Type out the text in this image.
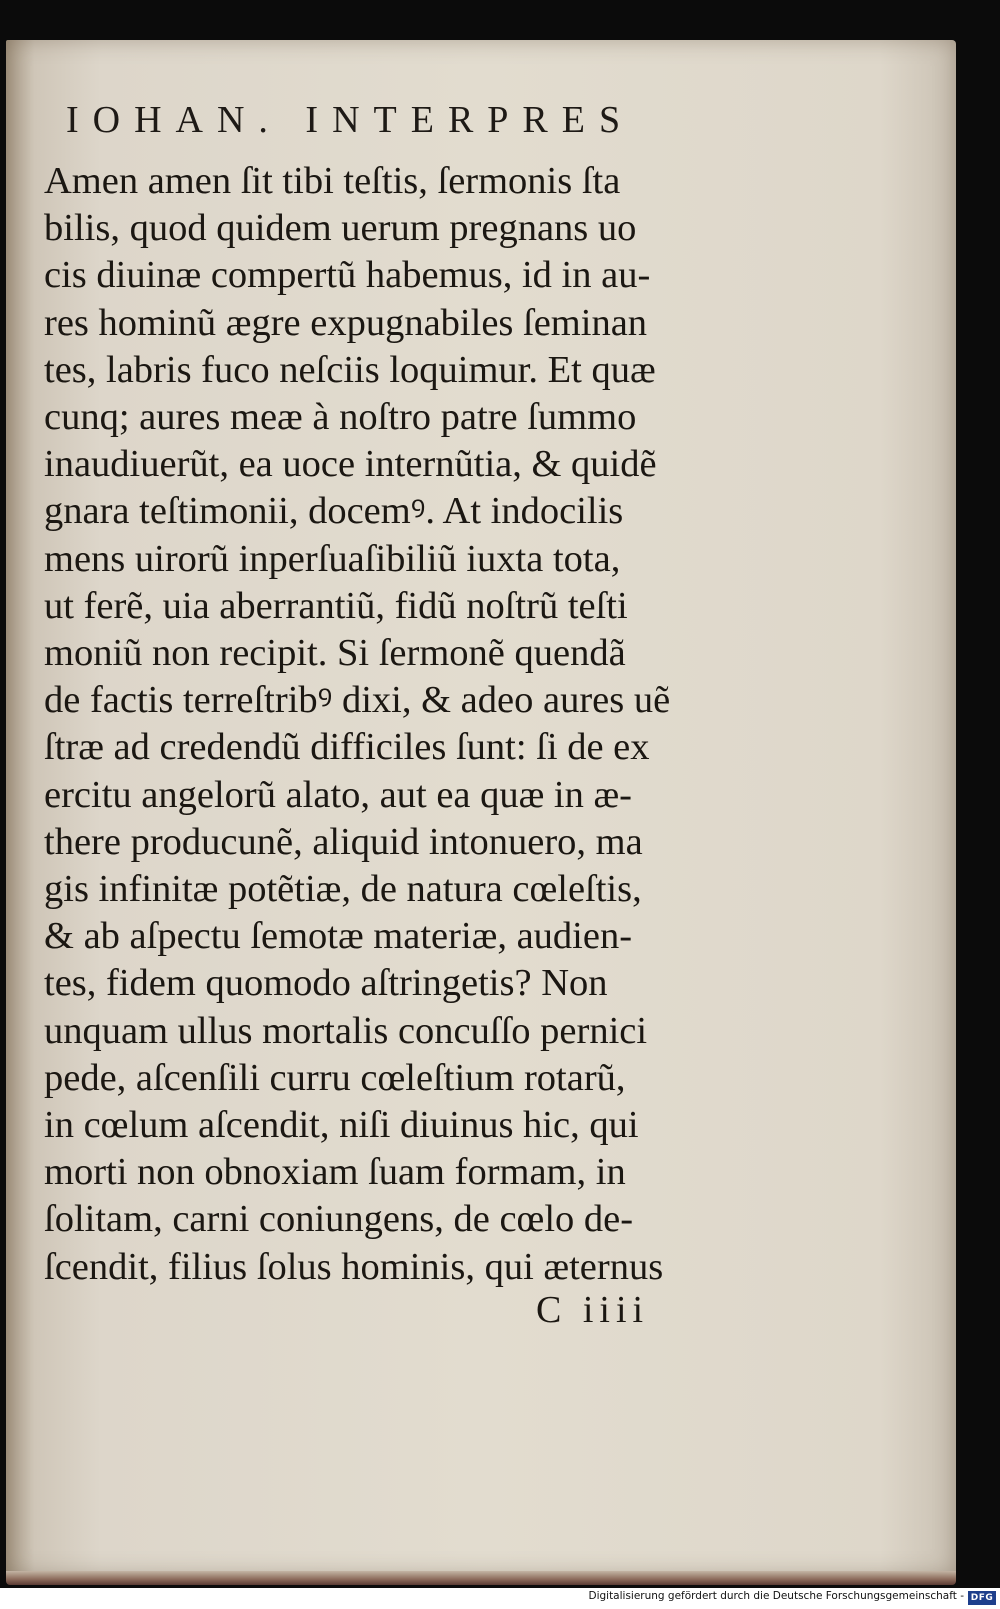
IOHAN. INTERPRES
Amen amen ſit tibi teſtis, ſermonis ſta
bilis, quod quidem uerum pregnans uo
cis diuinæ compertũ habemus, id in au-
res hominũ ægre expugnabiles ſeminan
tes, labris fuco neſciis loquimur. Et quæ
cunq; aures meæ à noſtro patre ſummo
inaudiuerũt, ea uoce internũtia, & quidẽ
gnara teſtimonii, docemꝰ. At indocilis
mens uirorũ inperſuaſibiliũ iuxta tota,
ut ferẽ, uia aberrantiũ, fidũ noſtrũ teſti
moniũ non recipit. Si ſermonẽ quendã
de factis terreſtribꝰ dixi, & adeo aures uẽ
ſtræ ad credendũ difficiles ſunt: ſi de ex
ercitu angelorũ alato, aut ea quæ in æ-
there producunẽ, aliquid intonuero, ma
gis infinitæ potẽtiæ, de natura cœleſtis,
& ab aſpectu ſemotæ materiæ, audien-
tes, fidem quomodo aſtringetis? Non
unquam ullus mortalis concuſſo pernici
pede, aſcenſili curru cœleſtium rotarũ,
in cœlum aſcendit, niſi diuinus hic, qui
morti non obnoxiam ſuam formam, in
ſolitam, carni coniungens, de cœlo de-
ſcendit, filius ſolus hominis, qui æternus
C iiii
Digitalisierung gefördert durch die Deutsche Forschungsgemeinschaft - DFG
